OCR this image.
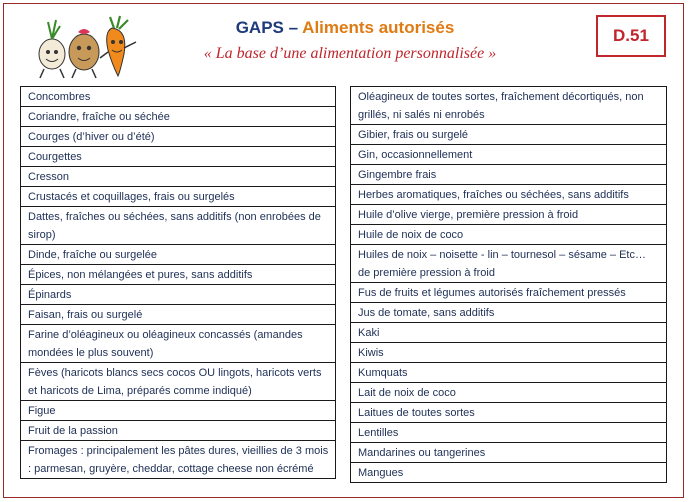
GAPS – Aliments autorisés
« La base d’une alimentation personnalisée »
D.51
Concombres
Coriandre, fraîche ou séchée
Courges (d’hiver ou d’été)
Courgettes
Cresson
Crustacés et coquillages, frais ou surgelés
Dattes, fraîches ou séchées, sans additifs (non enrobées de sirop)
Dinde, fraîche ou surgelée
Épices, non mélangées et pures, sans additifs
Épinards
Faisan, frais ou surgelé
Farine d’oléagineux ou oléagineux concassés (amandes mondées le plus souvent)
Fèves (haricots blancs secs cocos OU lingots, haricots verts et haricots de Lima, préparés comme indiqué)
Figue
Fruit de la passion
Fromages : principalement les pâtes dures, vieillies de 3 mois : parmesan, gruyère, cheddar, cottage cheese non écrémé
Oléagineux de toutes sortes, fraîchement décortiqués, non grillés, ni salés ni enrobés
Gibier, frais ou surgelé
Gin, occasionnellement
Gingembre frais
Herbes aromatiques, fraîches ou séchées, sans additifs
Huile d’olive vierge, première pression à froid
Huile de noix de coco
Huiles de noix – noisette - lin – tournesol – sésame – Etc… de première pression à froid
Fus de fruits et légumes autorisés fraîchement pressés
Jus de tomate, sans additifs
Kaki
Kiwis
Kumquats
Lait de noix de coco
Laitues de toutes sortes
Lentilles
Mandarines ou tangerines
Mangues
